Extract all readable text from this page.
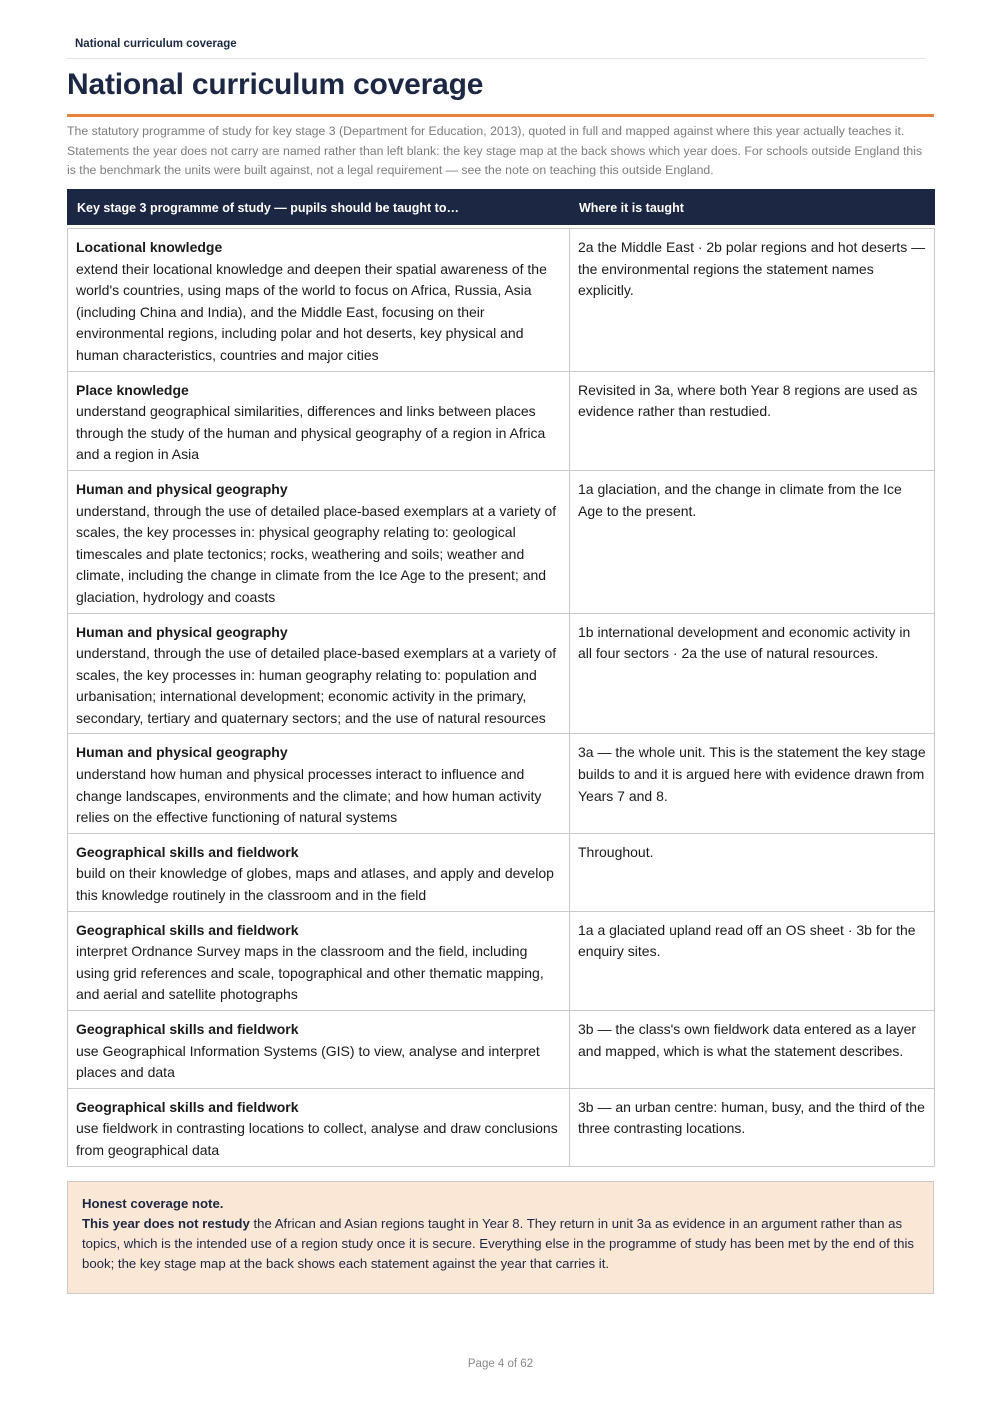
National curriculum coverage
National curriculum coverage

The statutory programme of study for key stage 3 (Department for Education, 2013), quoted in full and mapped against where this year actually teaches it. Statements the year does not carry are named rather than left blank: the key stage map at the back shows which year does. For schools outside England this is the benchmark the units were built against, not a legal requirement — see the note on teaching this outside England.

Key stage 3 programme of study — pupils should be taught to…	Where it is taught

Locational knowledge
extend their locational knowledge and deepen their spatial awareness of the world's countries, using maps of the world to focus on Africa, Russia, Asia (including China and India), and the Middle East, focusing on their environmental regions, including polar and hot deserts, key physical and human characteristics, countries and major cities	2a the Middle East · 2b polar regions and hot deserts — the environmental regions the statement names explicitly.

Place knowledge
understand geographical similarities, differences and links between places through the study of the human and physical geography of a region in Africa and a region in Asia	Revisited in 3a, where both Year 8 regions are used as evidence rather than restudied.

Human and physical geography
understand, through the use of detailed place-based exemplars at a variety of scales, the key processes in: physical geography relating to: geological timescales and plate tectonics; rocks, weathering and soils; weather and climate, including the change in climate from the Ice Age to the present; and glaciation, hydrology and coasts	1a glaciation, and the change in climate from the Ice Age to the present.

Human and physical geography
understand, through the use of detailed place-based exemplars at a variety of scales, the key processes in: human geography relating to: population and urbanisation; international development; economic activity in the primary, secondary, tertiary and quaternary sectors; and the use of natural resources	1b international development and economic activity in all four sectors · 2a the use of natural resources.

Human and physical geography
understand how human and physical processes interact to influence and change landscapes, environments and the climate; and how human activity relies on the effective functioning of natural systems	3a — the whole unit. This is the statement the key stage builds to and it is argued here with evidence drawn from Years 7 and 8.

Geographical skills and fieldwork
build on their knowledge of globes, maps and atlases, and apply and develop this knowledge routinely in the classroom and in the field	Throughout.

Geographical skills and fieldwork
interpret Ordnance Survey maps in the classroom and the field, including using grid references and scale, topographical and other thematic mapping, and aerial and satellite photographs	1a a glaciated upland read off an OS sheet · 3b for the enquiry sites.

Geographical skills and fieldwork
use Geographical Information Systems (GIS) to view, analyse and interpret places and data	3b — the class's own fieldwork data entered as a layer and mapped, which is what the statement describes.

Geographical skills and fieldwork
use fieldwork in contrasting locations to collect, analyse and draw conclusions from geographical data	3b — an urban centre: human, busy, and the third of the three contrasting locations.
Honest coverage note.
This year does not restudy the African and Asian regions taught in Year 8. They return in unit 3a as evidence in an argument rather than as topics, which is the intended use of a region study once it is secure. Everything else in the programme of study has been met by the end of this book; the key stage map at the back shows each statement against the year that carries it.
Page 4 of 62
